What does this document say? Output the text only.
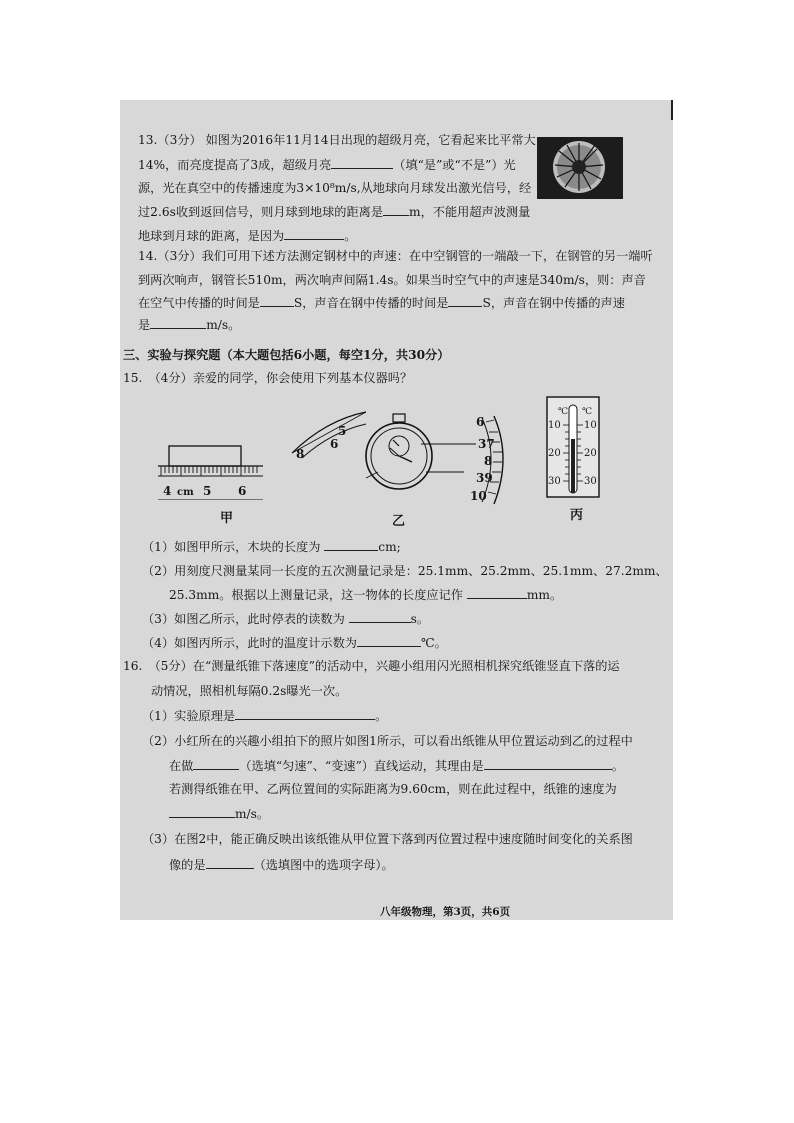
13.（3分） 如图为2016年11月14日出现的超级月亮，它看起来比平常大
14%，而亮度提高了3成，超级月亮	（填“是”或“不是”）光
源，光在真空中的传播速度为3×10⁸m/s,从地球向月球发出激光信号，经
过2.6s收到返回信号，则月球到地球的距离是 m，不能用超声波测量
地球到月球的距离，是因为	。
14.（3分）我们可用下述方法测定钢材中的声速：在中空钢管的一端敲一下，在钢管的另一端听
到两次响声，钢管长510m，两次响声间隔1.4s。如果当时空气中的声速是340m/s，则：声音
在空气中传播的时间是	S，声音在钢中传播的时间是	S，声音在钢中传播的声速
是	m/s。
三、实验与探究题（本大题包括6小题，每空1分，共30分）
15.　（4分）亲爱的同学，你会使用下列基本仪器吗？
4 cm 5 6
甲
8
6
5
6
37
8
39
10
乙
℃ ℃
10
20
30
10
20
30
丙
（1）如图甲所示，木块的长度为	cm;
（2）用刻度尺测量某同一长度的五次测量记录是：25.1mm、25.2mm、25.1mm、27.2mm、
25.3mm。根据以上测量记录，这一物体的长度应记作	mm。
（3）如图乙所示，此时停表的读数为	s。
（4）如图丙所示，此时的温度计示数为	℃。
16.　（5分）在“测量纸锥下落速度”的活动中，兴趣小组用闪光照相机探究纸锥竖直下落的运
动情况，照相机每隔0.2s曝光一次。
（1）实验原理是	。
（2）小红所在的兴趣小组拍下的照片如图1所示，可以看出纸锥从甲位置运动到乙的过程中
在做	（选填“匀速”、“变速”）直线运动，其理由是	。
若测得纸锥在甲、乙两位置间的实际距离为9.60cm，则在此过程中，纸锥的速度为
m/s。
（3）在图2中，能正确反映出该纸锥从甲位置下落到丙位置过程中速度随时间变化的关系图
像的是	（选填图中的选项字母）。
八年级物理，第3页，共6页
